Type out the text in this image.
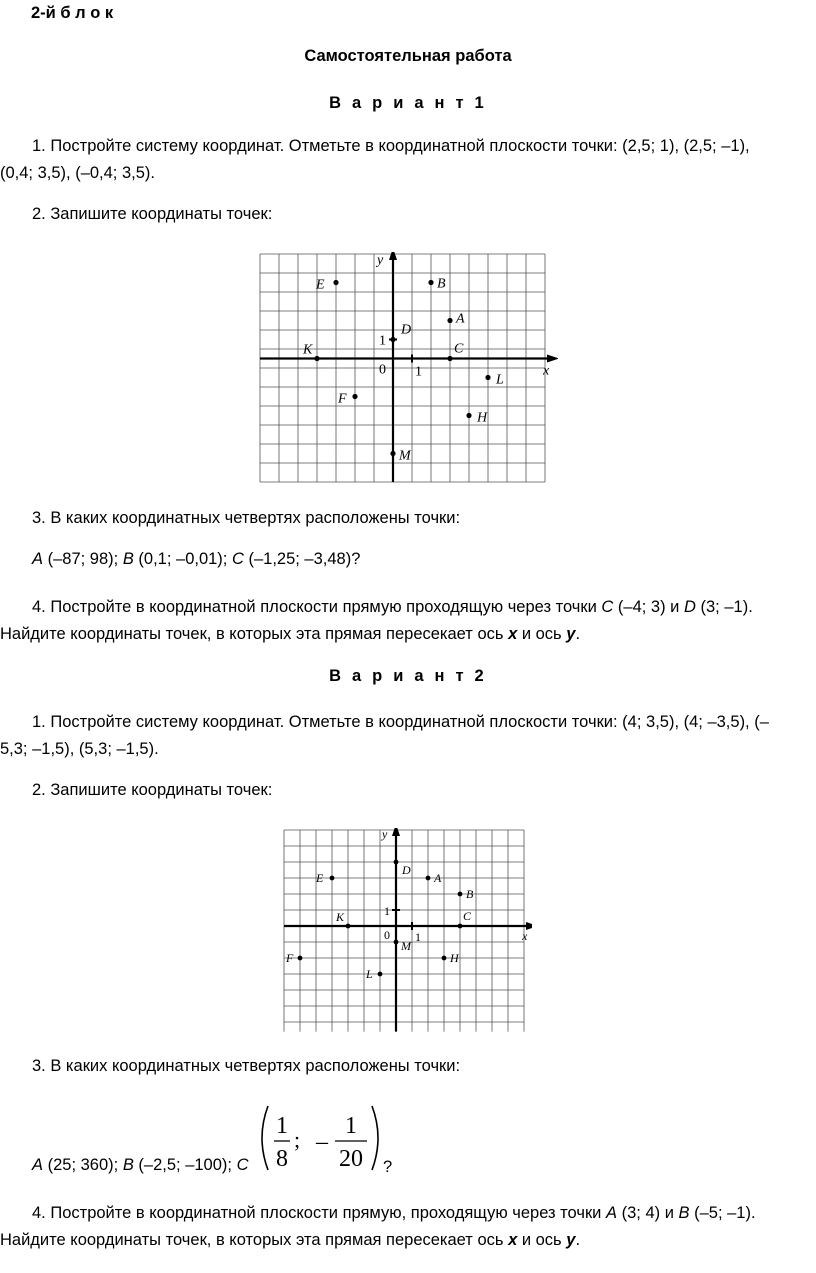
2-й б л о к
Самостоятельная работа
В а р и а н т 1
1. Постройте систему координат. Отметьте в координатной плоскости точки: (2,5; 1), (2,5; –1),
(0,4; 3,5), (–0,4; 3,5).
2. Запишите координаты точек:
x
y
0 1
1
E	B
A
D
K	C
L
F
H
M
3. В каких координатных четвертях расположены точки:
A (–87; 98); B (0,1; –0,01); C (–1,25; –3,48)?
4. Постройте в координатной плоскости прямую проходящую через точки C (–4; 3) и D (3; –1).
Найдите координаты точек, в которых эта прямая пересекает ось x и ось y.
В а р и а н т 2
1. Постройте систему координат. Отметьте в координатной плоскости точки: (4; 3,5), (4; –3,5), (–
5,3; –1,5), (5,3; –1,5).
2. Запишите координаты точек:
x
y
0 1
1
D
E	A
B
K	C
M
F	H
L
3. В каких координатных четвертях расположены точки:
A (25; 360); B (–2,5; –100); C
1
8
; –
1
20 ?
4. Постройте в координатной плоскости прямую, проходящую через точки A (3; 4) и B (–5; –1).
Найдите координаты точек, в которых эта прямая пересекает ось x и ось y.
